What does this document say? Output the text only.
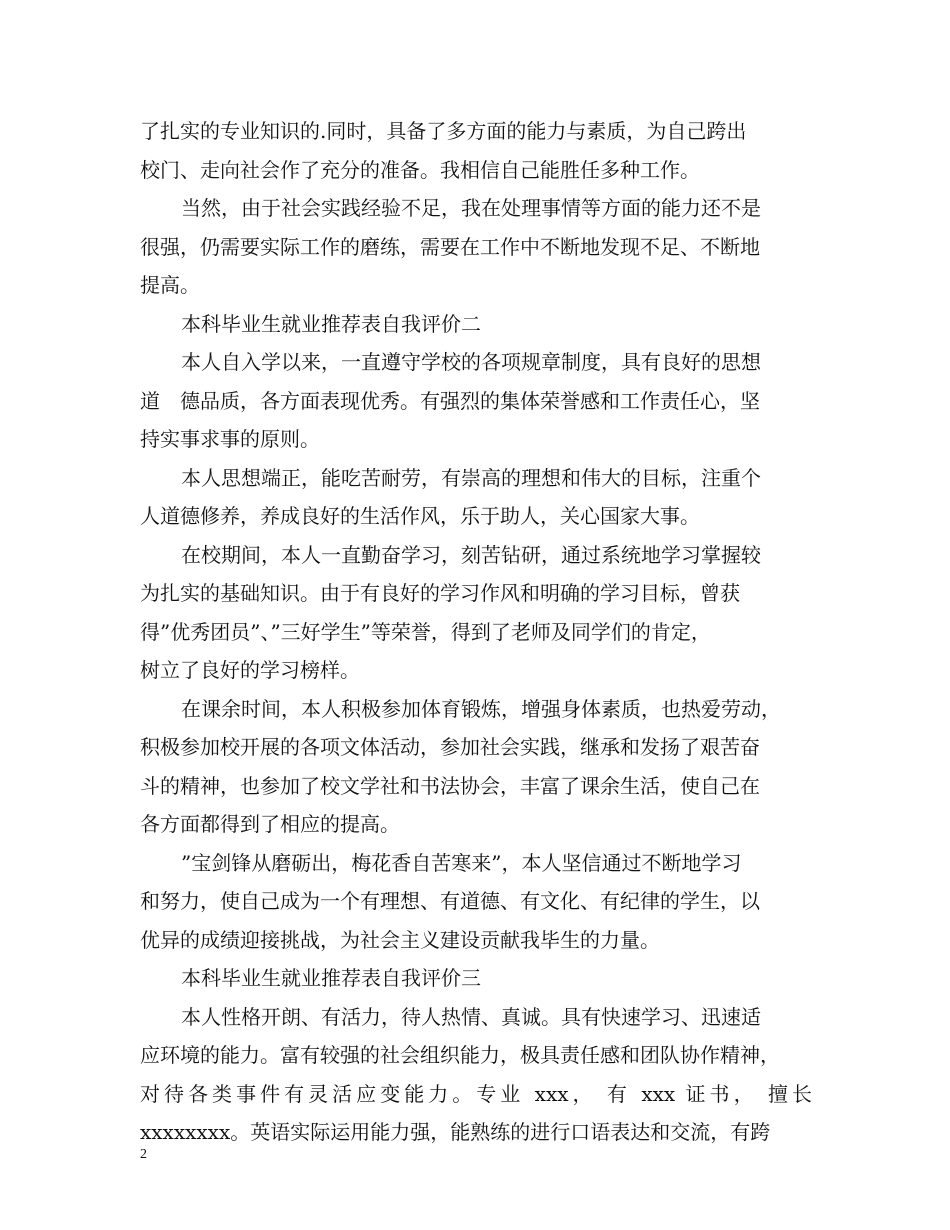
了扎实的专业知识的.同时，具备了多方面的能力与素质，为自己跨出
校门、走向社会作了充分的准备。我相信自己能胜任多种工作。
当然，由于社会实践经验不足，我在处理事情等方面的能力还不是
很强，仍需要实际工作的磨练，需要在工作中不断地发现不足、不断地
提高。
本科毕业生就业推荐表自我评价二
本人自入学以来，一直遵守学校的各项规章制度，具有良好的思想
道　德品质，各方面表现优秀。有强烈的集体荣誉感和工作责任心，坚
持实事求事的原则。
本人思想端正，能吃苦耐劳，有崇高的理想和伟大的目标，注重个
人道德修养，养成良好的生活作风，乐于助人，关心国家大事。
在校期间，本人一直勤奋学习，刻苦钻研，通过系统地学习掌握较
为扎实的基础知识。由于有良好的学习作风和明确的学习目标，曾获
得”优秀团员”、”三好学生”等荣誉，得到了老师及同学们的肯定，
树立了良好的学习榜样。
在课余时间，本人积极参加体育锻炼，增强身体素质，也热爱劳动，
积极参加校开展的各项文体活动，参加社会实践，继承和发扬了艰苦奋
斗的精神，也参加了校文学社和书法协会，丰富了课余生活，使自己在
各方面都得到了相应的提高。
”宝剑锋从磨砺出，梅花香自苦寒来”，本人坚信通过不断地学习
和努力，使自己成为一个有理想、有道德、有文化、有纪律的学生，以
优异的成绩迎接挑战，为社会主义建设贡献我毕生的力量。
本科毕业生就业推荐表自我评价三
本人性格开朗、有活力，待人热情、真诚。具有快速学习、迅速适
应环境的能力。富有较强的社会组织能力，极具责任感和团队协作精神，
对待各类事件有灵活应变能力。专业 xxx， 有 xxx 证书， 擅长
xxxxxxxx。英语实际运用能力强，能熟练的进行口语表达和交流，有跨
2
